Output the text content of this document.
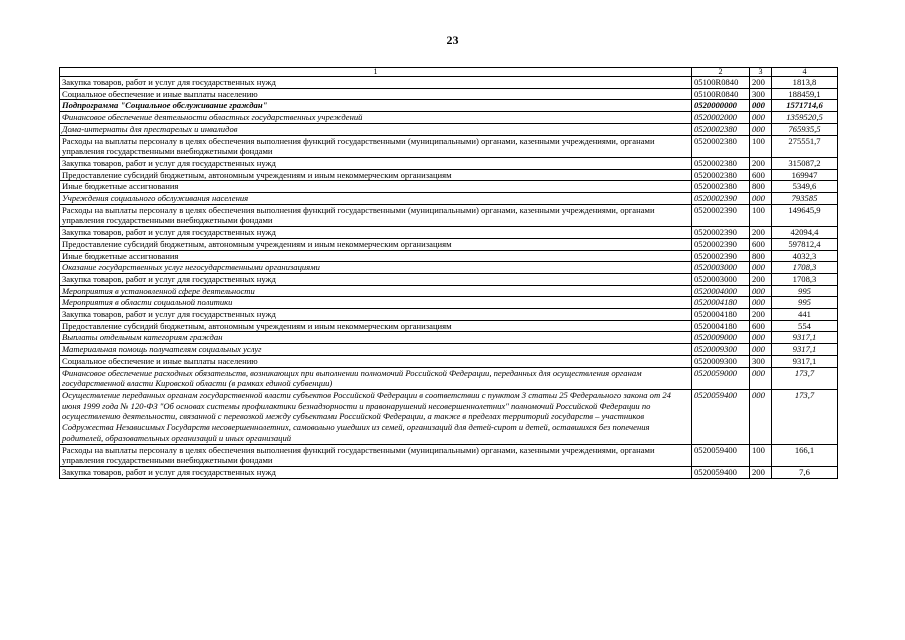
23
1	2	3	4
Закупка товаров, работ и услуг для государственных нужд	05100R0840	200	1813,8
Социальное обеспечение и иные выплаты населению	05100R0840	300	188459,1
Подпрограмма "Социальное обслуживание граждан"	0520000000	000	1571714,6
Финансовое обеспечение деятельности областных государственных учреждений	0520002000	000	1359520,5
Дома-интернаты для престарелых и инвалидов	0520002380	000	765935,5
Расходы на выплаты персоналу в целях обеспечения выполнения функций государственными (муниципальными) органами, казенными учреждениями, органами управления государственными внебюджетными фондами	0520002380	100	275551,7
Закупка товаров, работ и услуг для государственных нужд	0520002380	200	315087,2
Предоставление субсидий бюджетным, автономным учреждениям и иным некоммерческим организациям	0520002380	600	169947
Иные бюджетные ассигнования	0520002380	800	5349,6
Учреждения социального обслуживания населения	0520002390	000	793585
Расходы на выплаты персоналу в целях обеспечения выполнения функций государственными (муниципальными) органами, казенными учреждениями, органами управления государственными внебюджетными фондами	0520002390	100	149645,9
Закупка товаров, работ и услуг для государственных нужд	0520002390	200	42094,4
Предоставление субсидий бюджетным, автономным учреждениям и иным некоммерческим организациям	0520002390	600	597812,4
Иные бюджетные ассигнования	0520002390	800	4032,3
Оказание государственных услуг негосударственными организациями	0520003000	000	1708,3
Закупка товаров, работ и услуг для государственных нужд	0520003000	200	1708,3
Мероприятия в установленной сфере деятельности	0520004000	000	995
Мероприятия в области социальной политики	0520004180	000	995
Закупка товаров, работ и услуг для государственных нужд	0520004180	200	441
Предоставление субсидий бюджетным, автономным учреждениям и иным некоммерческим организациям	0520004180	600	554
Выплаты отдельным категориям граждан	0520009000	000	9317,1
Материальная помощь получателям социальных услуг	0520009300	000	9317,1
Социальное обеспечение и иные выплаты населению	0520009300	300	9317,1
Финансовое обеспечение расходных обязательств, возникающих при выполнении полномочий Российской Федерации, переданных для осуществления органам государственной власти Кировской области (в рамках единой субвенции)	0520059000	000	173,7
Осуществление переданных органам государственной власти субъектов Российской Федерации в соответствии с пунктом 3 статьи 25 Федерального закона от 24 июня 1999 года № 120-ФЗ "Об основах системы профилактики безнадзорности и правонарушений несовершеннолетних" полномочий Российской Федерации по осуществлению деятельности, связанной с перевозкой между субъектами Российской Федерации, а также в пределах территорий государств – участников Содружества Независимых Государств несовершеннолетних, самовольно ушедших из семей, организаций для детей-сирот и детей, оставшихся без попечения родителей, образовательных организаций и иных организаций	0520059400	000	173,7
Расходы на выплаты персоналу в целях обеспечения выполнения функций государственными (муниципальными) органами, казенными учреждениями, органами управления государственными внебюджетными фондами	0520059400	100	166,1
Закупка товаров, работ и услуг для государственных нужд	0520059400	200	7,6
